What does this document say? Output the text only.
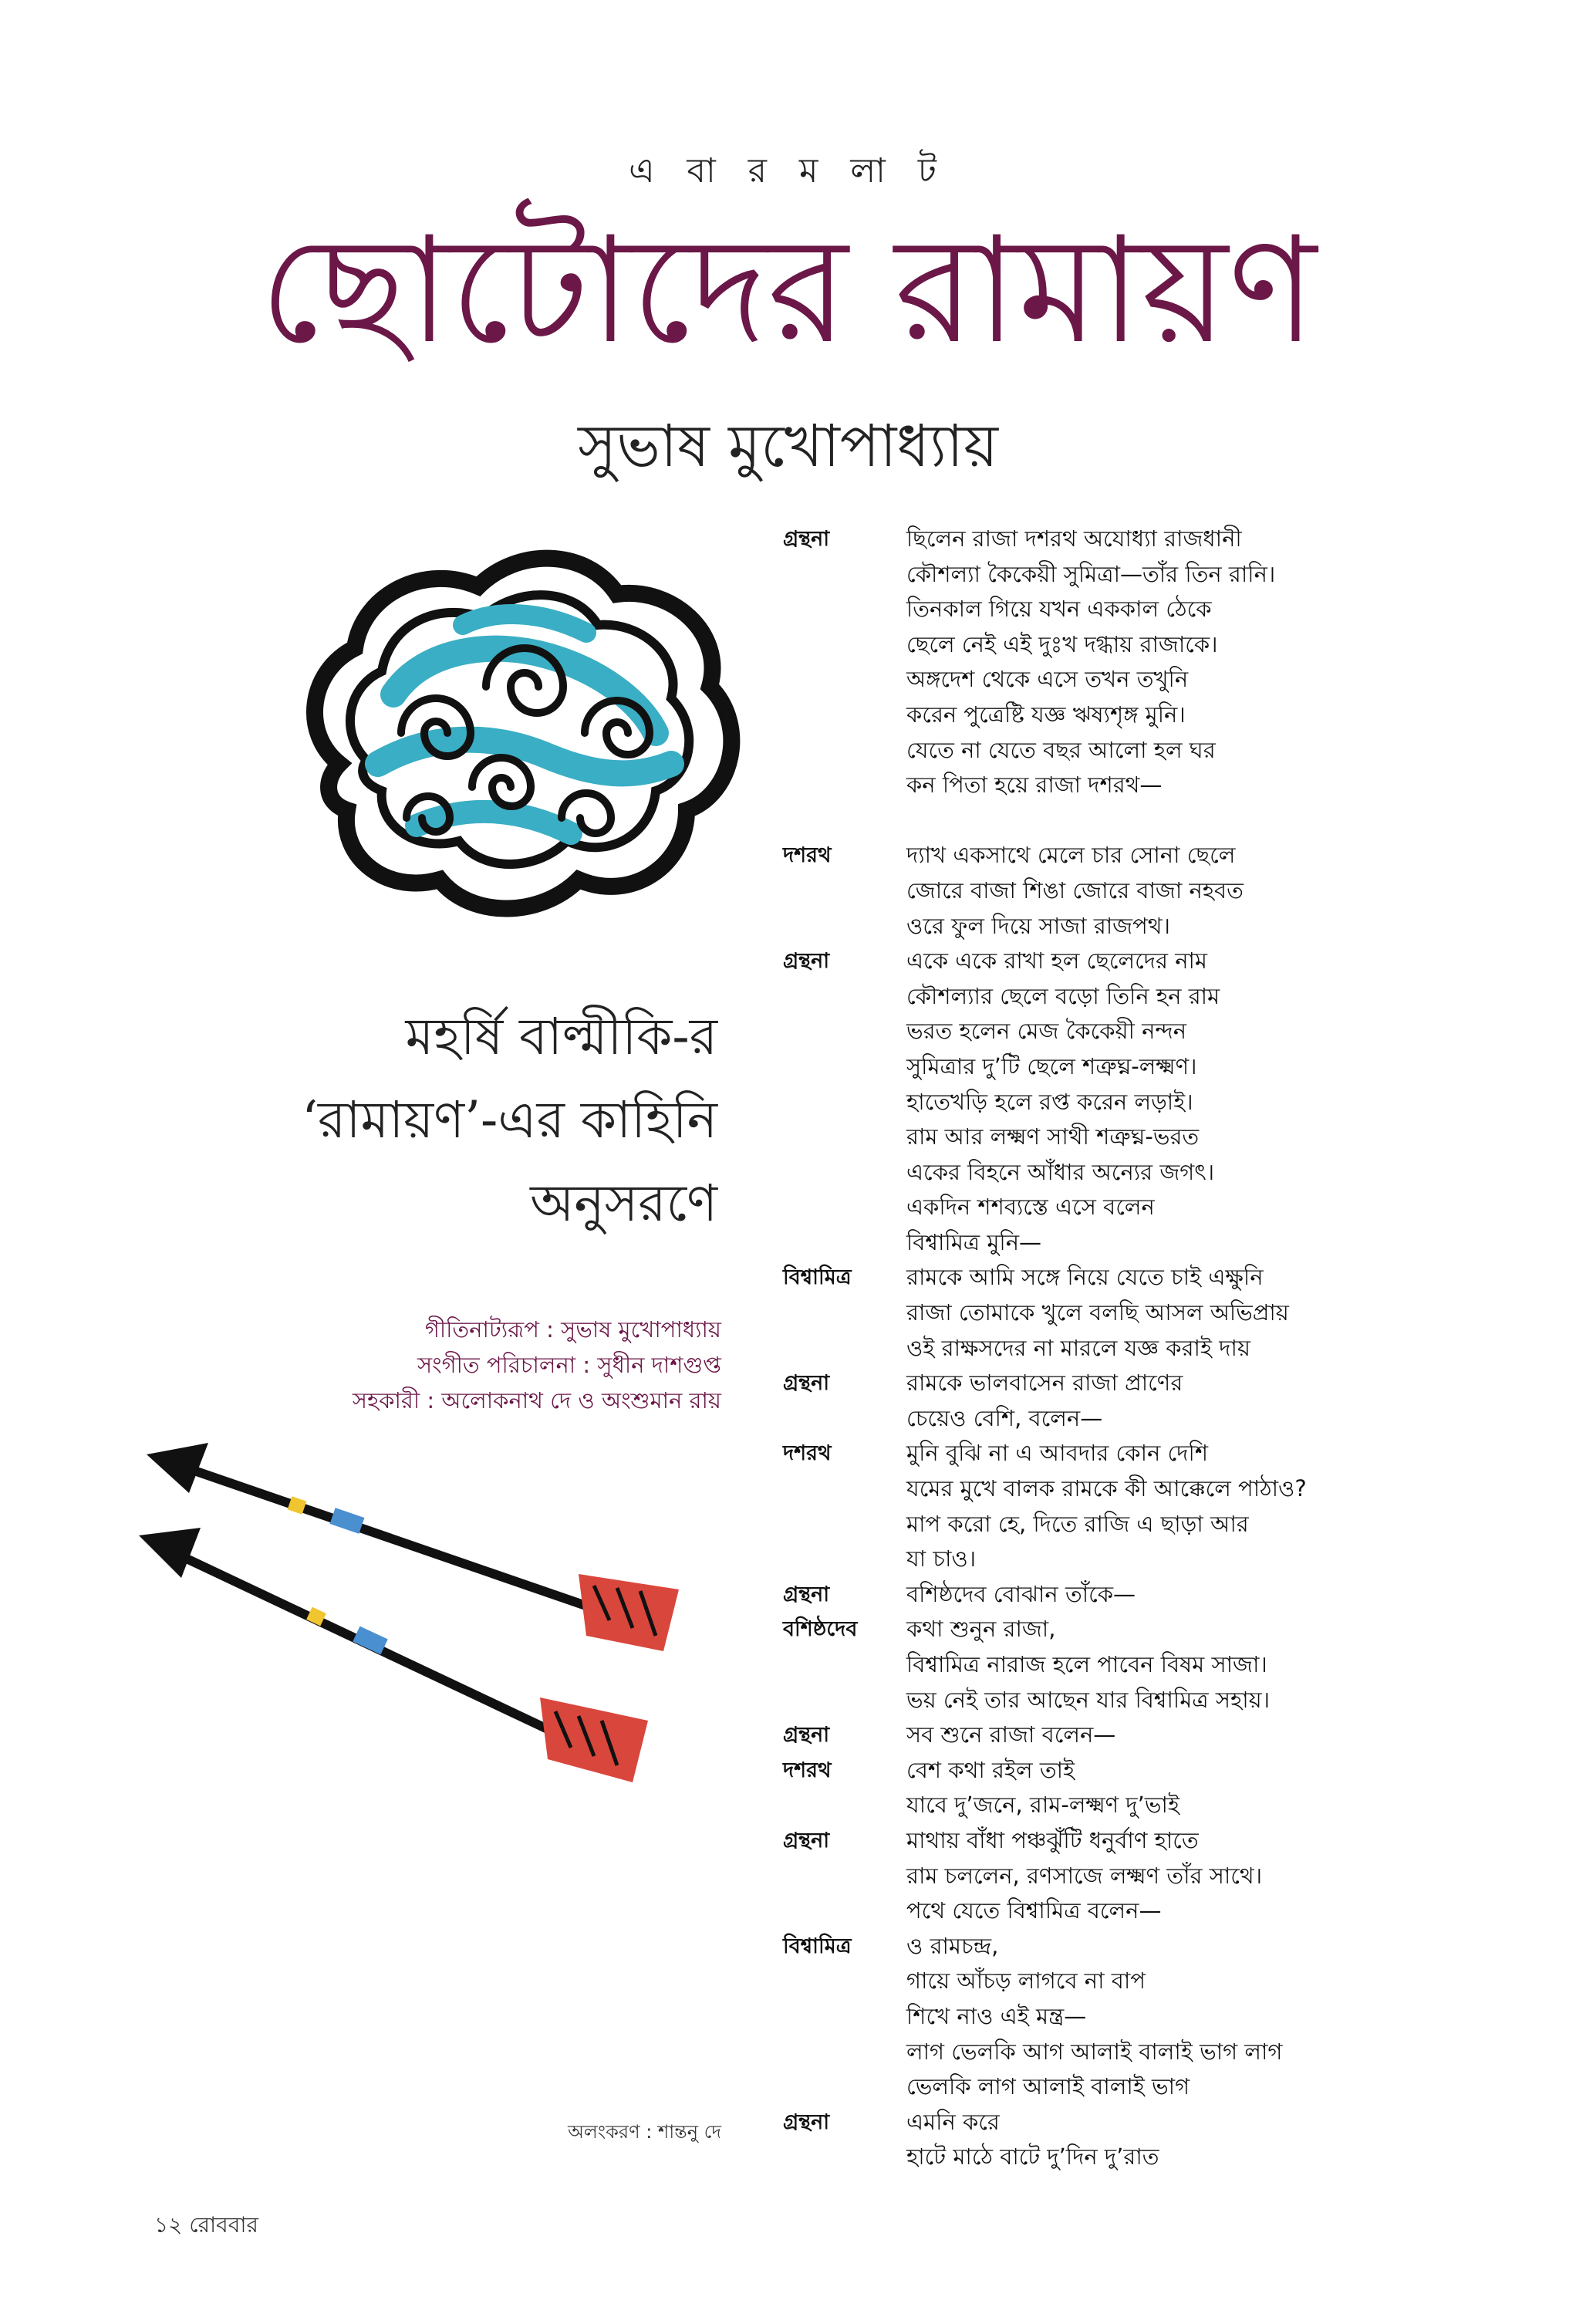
এ বা র ম লা ট
ছোটোদের রামায়ণ
সুভাষ মুখোপাধ্যায়
মহর্ষি বাল্মীকি-র
‘রামায়ণ’-এর কাহিনি
অনুসরণে
গীতিনাট্যরূপ : সুভাষ মুখোপাধ্যায়
সংগীত পরিচালনা : সুধীন দাশগুপ্ত
সহকারী : অলোকনাথ দে ও অংশুমান রায়
অলংকরণ : শান্তনু দে
১২ রোববার
গ্রন্থনা	ছিলেন রাজা দশরথ অযোধ্যা রাজধানী
কৌশল্যা কৈকেয়ী সুমিত্রা—তাঁর তিন রানি।
তিনকাল গিয়ে যখন এককাল ঠেকে
ছেলে নেই এই দুঃখ দগ্ধায় রাজাকে।
অঙ্গদেশ থেকে এসে তখন তখুনি
করেন পুত্রেষ্টি যজ্ঞ ঋষ্যশৃঙ্গ মুনি।
যেতে না যেতে বছর আলো হল ঘর
কন পিতা হয়ে রাজা দশরথ—
দশরথ	দ্যাখ একসাথে মেলে চার সোনা ছেলে
জোরে বাজা শিঙা জোরে বাজা নহবত
ওরে ফুল দিয়ে সাজা রাজপথ।
গ্রন্থনা	একে একে রাখা হল ছেলেদের নাম
কৌশল্যার ছেলে বড়ো তিনি হন রাম
ভরত হলেন মেজ কৈকেয়ী নন্দন
সুমিত্রার দু’টি ছেলে শত্রুঘ্ন-লক্ষ্মণ।
হাতেখড়ি হলে রপ্ত করেন লড়াই।
রাম আর লক্ষ্মণ সাথী শত্রুঘ্ন-ভরত
একের বিহনে আঁধার অন্যের জগৎ।
একদিন শশব্যস্তে এসে বলেন
বিশ্বামিত্র মুনি—
বিশ্বামিত্র	রামকে আমি সঙ্গে নিয়ে যেতে চাই এক্ষুনি
রাজা তোমাকে খুলে বলছি আসল অভিপ্রায়
ওই রাক্ষসদের না মারলে যজ্ঞ করাই দায়
গ্রন্থনা	রামকে ভালবাসেন রাজা প্রাণের
চেয়েও বেশি, বলেন—
দশরথ	মুনি বুঝি না এ আবদার কোন দেশি
যমের মুখে বালক রামকে কী আক্কেলে পাঠাও?
মাপ করো হে, দিতে রাজি এ ছাড়া আর
যা চাও।
গ্রন্থনা	বশিষ্ঠদেব বোঝান তাঁকে—
বশিষ্ঠদেব	কথা শুনুন রাজা,
বিশ্বামিত্র নারাজ হলে পাবেন বিষম সাজা।
ভয় নেই তার আছেন যার বিশ্বামিত্র সহায়।
গ্রন্থনা	সব শুনে রাজা বলেন—
দশরথ	বেশ কথা রইল তাই
যাবে দু’জনে, রাম-লক্ষ্মণ দু’ভাই
গ্রন্থনা	মাথায় বাঁধা পঞ্চঝুঁটি ধনুর্বাণ হাতে
রাম চললেন, রণসাজে লক্ষ্মণ তাঁর সাথে।
পথে যেতে বিশ্বামিত্র বলেন—
বিশ্বামিত্র	ও রামচন্দ্র,
গায়ে আঁচড় লাগবে না বাপ
শিখে নাও এই মন্ত্র—
লাগ ভেলকি আগ আলাই বালাই ভাগ লাগ
ভেলকি লাগ আলাই বালাই ভাগ
গ্রন্থনা	এমনি করে
হাটে মাঠে বাটে দু’দিন দু’রাত
